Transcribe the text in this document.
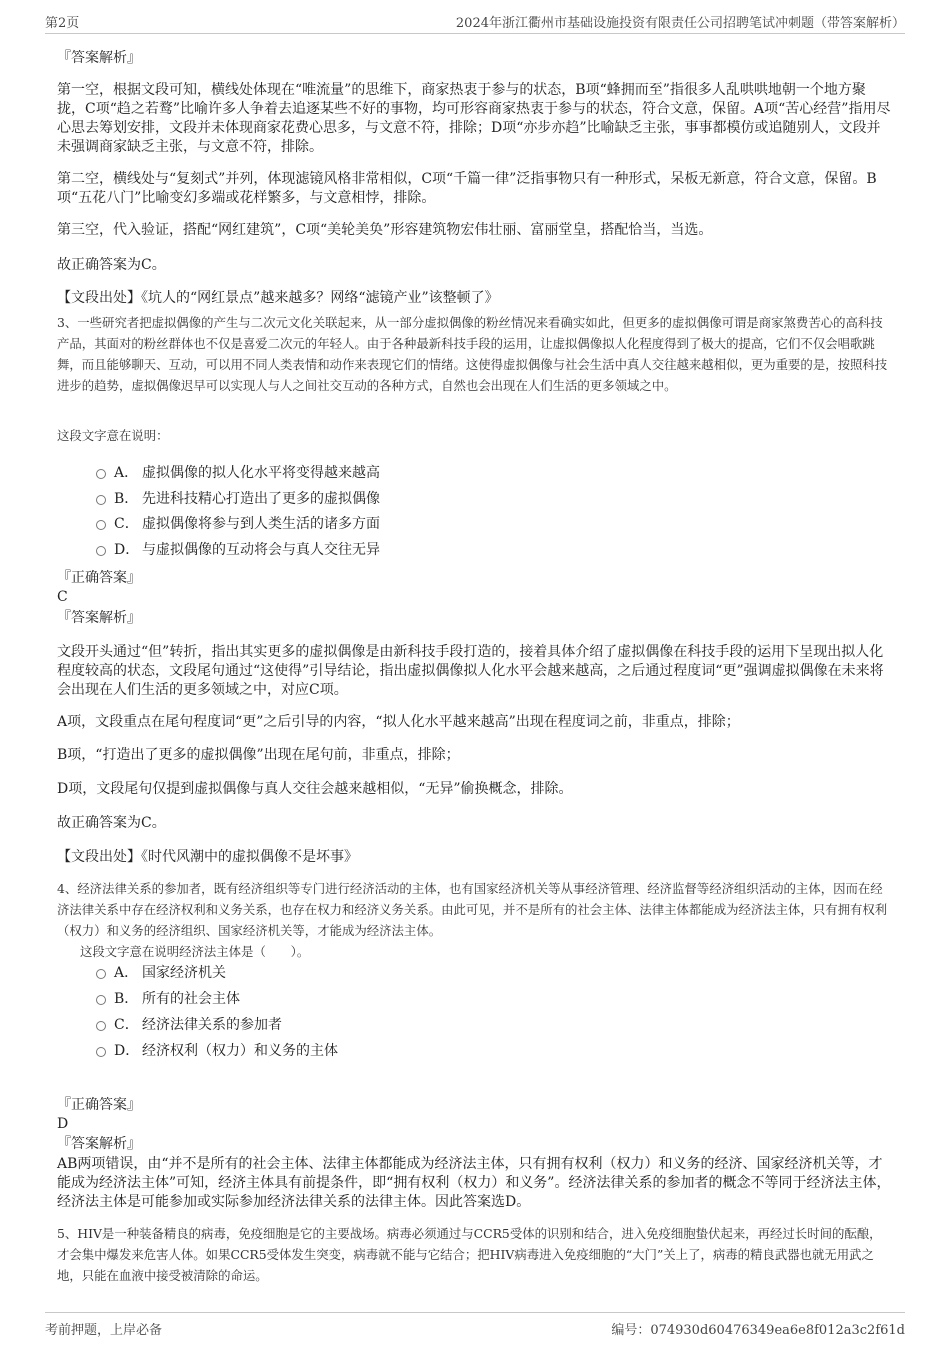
第2页	2024年浙江衢州市基础设施投资有限责任公司招聘笔试冲刺题（带答案解析）
『答案解析』
第一空，根据文段可知，横线处体现在“唯流量”的思维下，商家热衷于参与的状态，B项“蜂拥而至”指很多人乱哄哄地朝一个地方聚拢，C项“趋之若鹜”比喻许多人争着去追逐某些不好的事物，均可形容商家热衷于参与的状态，符合文意，保留。A项“苦心经营”指用尽心思去筹划安排，文段并未体现商家花费心思多，与文意不符，排除；D项“亦步亦趋”比喻缺乏主张，事事都模仿或追随别人，文段并未强调商家缺乏主张，与文意不符，排除。
第二空，横线处与“复刻式”并列，体现滤镜风格非常相似，C项“千篇一律”泛指事物只有一种形式，呆板无新意，符合文意，保留。B项“五花八门”比喻变幻多端或花样繁多，与文意相悖，排除。
第三空，代入验证，搭配“网红建筑”，C项“美轮美奂”形容建筑物宏伟壮丽、富丽堂皇，搭配恰当，当选。
故正确答案为C。
【文段出处】《坑人的“网红景点”越来越多？网络“滤镜产业”该整顿了》
3、一些研究者把虚拟偶像的产生与二次元文化关联起来，从一部分虚拟偶像的粉丝情况来看确实如此，但更多的虚拟偶像可谓是商家煞费苦心的高科技产品，其面对的粉丝群体也不仅是喜爱二次元的年轻人。由于各种最新科技手段的运用，让虚拟偶像拟人化程度得到了极大的提高，它们不仅会唱歌跳舞，而且能够聊天、互动，可以用不同人类表情和动作来表现它们的情绪。这使得虚拟偶像与社会生活中真人交往越来越相似，更为重要的是，按照科技进步的趋势，虚拟偶像迟早可以实现人与人之间社交互动的各种方式，自然也会出现在人们生活的更多领域之中。
这段文字意在说明：
A． 虚拟偶像的拟人化水平将变得越来越高
B． 先进科技精心打造出了更多的虚拟偶像
C． 虚拟偶像将参与到人类生活的诸多方面
D． 与虚拟偶像的互动将会与真人交往无异
『正确答案』
C
『答案解析』
文段开头通过“但”转折，指出其实更多的虚拟偶像是由新科技手段打造的，接着具体介绍了虚拟偶像在科技手段的运用下呈现出拟人化程度较高的状态，文段尾句通过“这使得”引导结论，指出虚拟偶像拟人化水平会越来越高，之后通过程度词“更”强调虚拟偶像在未来将会出现在人们生活的更多领域之中，对应C项。
A项，文段重点在尾句程度词“更”之后引导的内容，“拟人化水平越来越高”出现在程度词之前，非重点，排除；
B项，“打造出了更多的虚拟偶像”出现在尾句前，非重点，排除；
D项，文段尾句仅提到虚拟偶像与真人交往会越来越相似，“无异”偷换概念，排除。
故正确答案为C。
【文段出处】《时代风潮中的虚拟偶像不是坏事》
4、经济法律关系的参加者，既有经济组织等专门进行经济活动的主体，也有国家经济机关等从事经济管理、经济监督等经济组织活动的主体，因而在经济法律关系中存在经济权利和义务关系，也存在权力和经济义务关系。由此可见，并不是所有的社会主体、法律主体都能成为经济法主体，只有拥有权利（权力）和义务的经济组织、国家经济机关等，才能成为经济法主体。
这段文字意在说明经济法主体是（　　）。
A． 国家经济机关
B． 所有的社会主体
C． 经济法律关系的参加者
D． 经济权利（权力）和义务的主体
『正确答案』
D
『答案解析』
AB两项错误，由“并不是所有的社会主体、法律主体都能成为经济法主体，只有拥有权利（权力）和义务的经济、国家经济机关等，才能成为经济法主体”可知，经济主体具有前提条件，即“拥有权利（权力）和义务”。经济法律关系的参加者的概念不等同于经济法主体，经济法主体是可能参加或实际参加经济法律关系的法律主体。因此答案选D。
5、HIV是一种装备精良的病毒，免疫细胞是它的主要战场。病毒必须通过与CCR5受体的识别和结合，进入免疫细胞蛰伏起来，再经过长时间的酝酿，才会集中爆发来危害人体。如果CCR5受体发生突变，病毒就不能与它结合；把HIV病毒进入免疫细胞的“大门”关上了，病毒的精良武器也就无用武之地，只能在血液中接受被清除的命运。
考前押题，上岸必备	编号：074930d60476349ea6e8f012a3c2f61d
